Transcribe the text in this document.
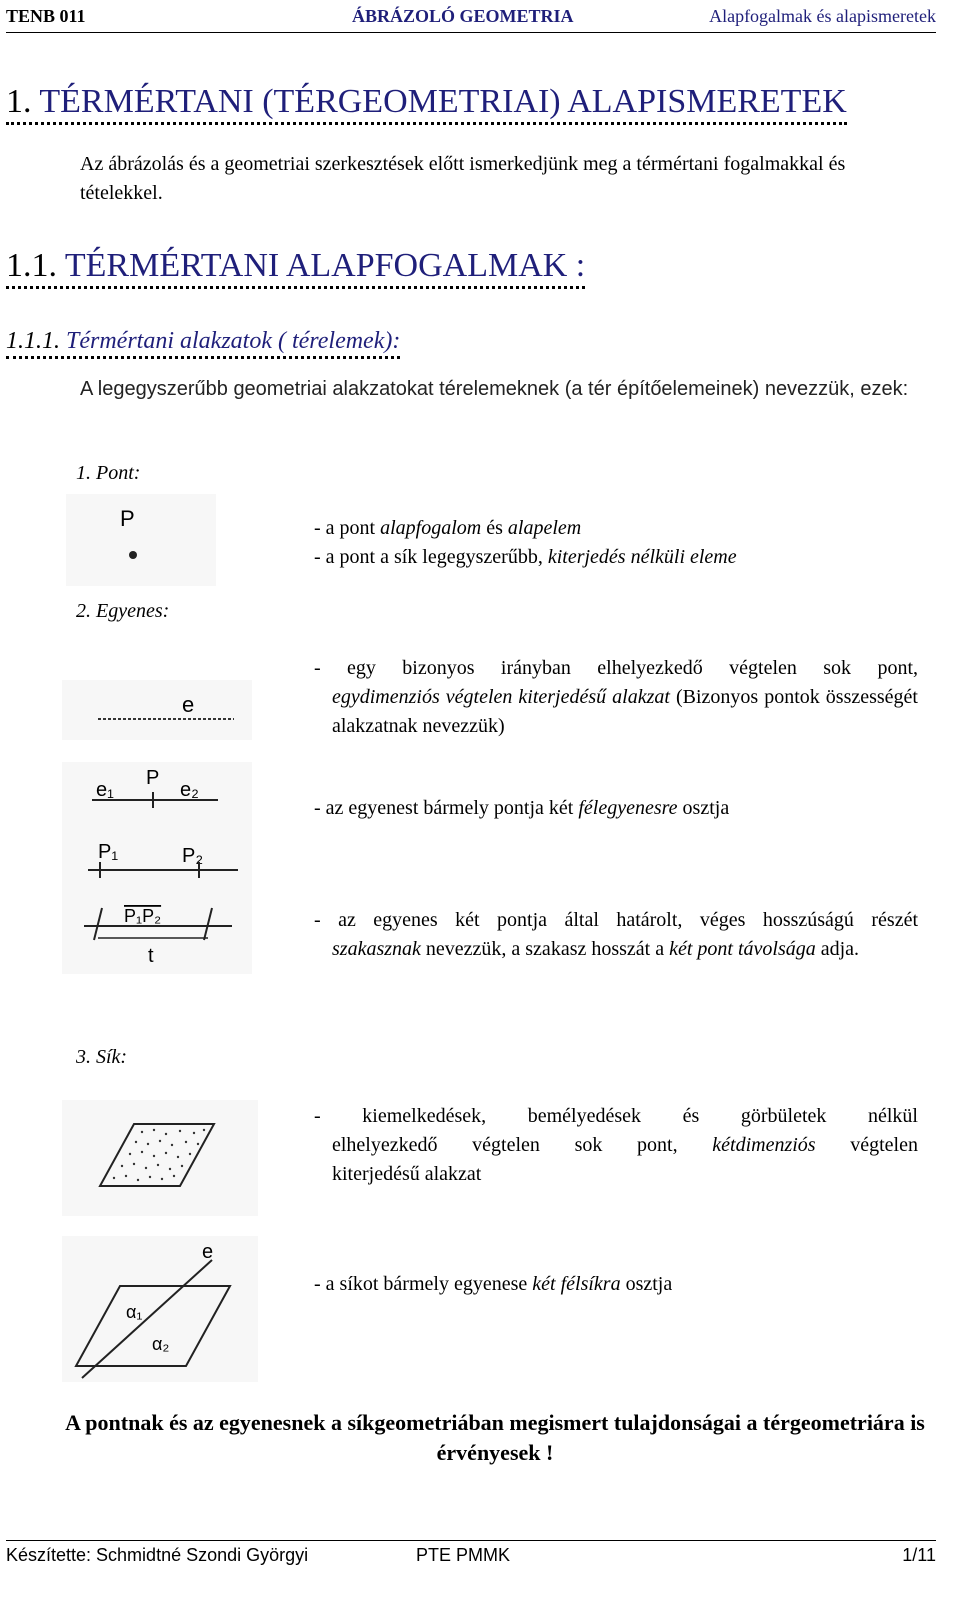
TENB 011	ÁBRÁZOLÓ GEOMETRIA	Alapfogalmak és alapismeretek
1. TÉRMÉRTANI (TÉRGEOMETRIAI) ALAPISMERETEK
Az ábrázolás és a geometriai szerkesztések előtt ismerkedjünk meg a térmértani fogalmakkal és tételekkel.
1.1. TÉRMÉRTANI ALAPFOGALMAK :
1.1.1. Térmértani alakzatok ( térelemek):
A legegyszerűbb geometriai alakzatokat térelemeknek (a tér építőelemeinek) nevezzük, ezek:
1. Pont:
P	- a pont alapfogalom és alapelem

- a pont a sík legegyszerűbb, kiterjedés nélküli eleme

2. Egyenes:
e
e₁
P
e₂
P₁	P₂
P₁P₂
t

- egy bizonyos irányban elhelyezkedő végtelen sok pont,

egydimenziós végtelen kiterjedésű alakzat (Bizonyos pontok összességét alakzatnak nevezzük)

- az egyenest bármely pontja két félegyenesre osztja

- az egyenes két pontja által határolt, véges hosszúságú részét

szakasznak nevezzük, a szakasz hosszát a két pont távolsága adja.

3. Sík:
e
α₁
α₂

- kiemelkedések, bemélyedések és görbületek nélkül

elhelyezkedő végtelen sok pont, kétdimenziós végtelen

kiterjedésű alakzat

- a síkot bármely egyenese két félsíkra osztja

A pontnak és az egyenesnek a síkgeometriában megismert tulajdonságai a térgeometriára is érvényesek !
Készítette: Schmidtné Szondi Györgyi	PTE PMMK	1/11
